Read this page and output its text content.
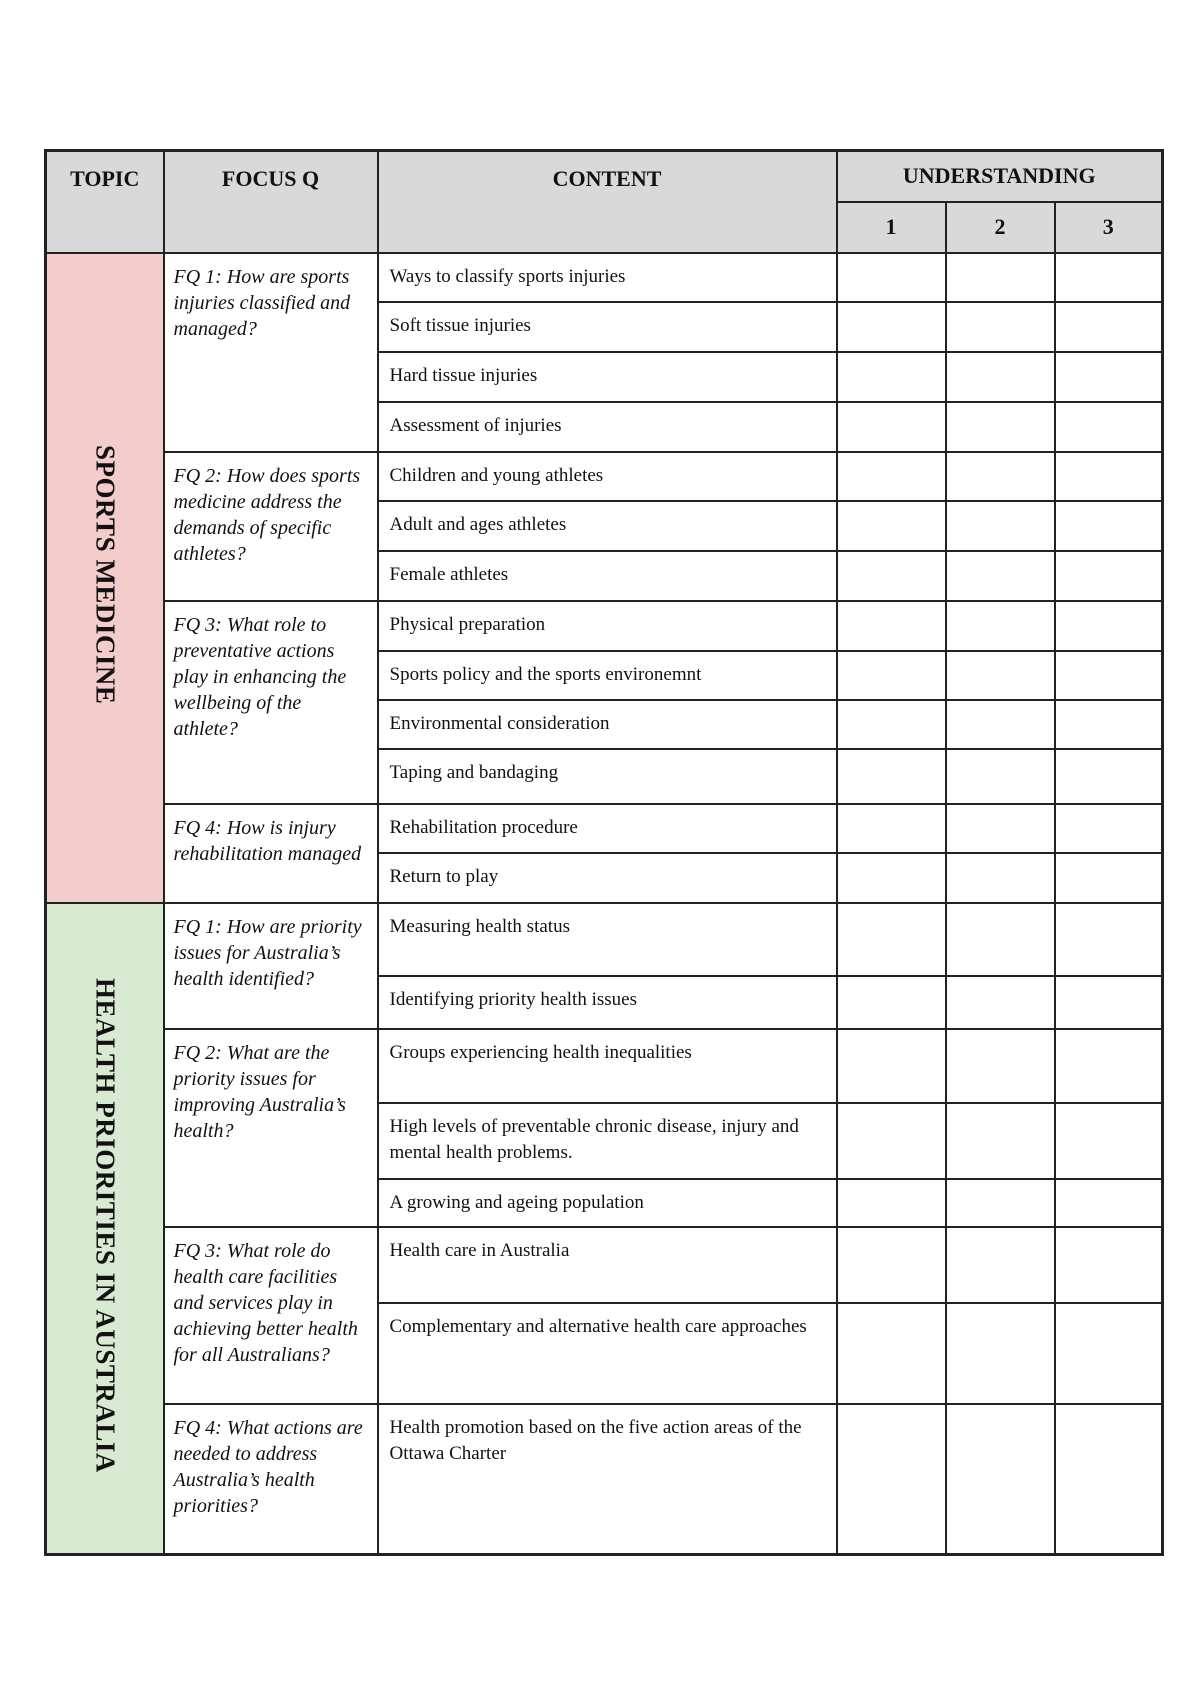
TOPIC	FOCUS Q	CONTENT	UNDERSTANDING		
			1	2	3
SPORTS MEDICINE	FQ 1: How are sports injuries classified and managed?	Ways to classify sports injuries			
		Soft tissue injuries			
		Hard tissue injuries			
		Assessment of injuries			
	FQ 2: How does sports medicine address the demands of specific athletes?	Children and young athletes			
		Adult and ages athletes			
		Female athletes			
	FQ 3: What role to preventative actions play in enhancing the wellbeing of the athlete?	Physical preparation			
		Sports policy and the sports environemnt			
		Environmental consideration			
		Taping and bandaging			
	FQ 4: How is injury rehabilitation managed	Rehabilitation procedure			
		Return to play			
HEALTH PRIORITIES IN AUSTRALIA	FQ 1: How are priority issues for Australia’s health identified?	Measuring health status			
		Identifying priority health issues			
	FQ 2: What are the priority issues for improving Australia’s health?	Groups experiencing health inequalities			
		High levels of preventable chronic disease, injury and mental health problems.			
		A growing and ageing population			
	FQ 3: What role do health care facilities and services play in achieving better health for all Australians?	Health care in Australia			
		Complementary and alternative health care approaches			
	FQ 4: What actions are needed to address Australia’s health priorities?	Health promotion based on the five action areas of the Ottawa Charter			
